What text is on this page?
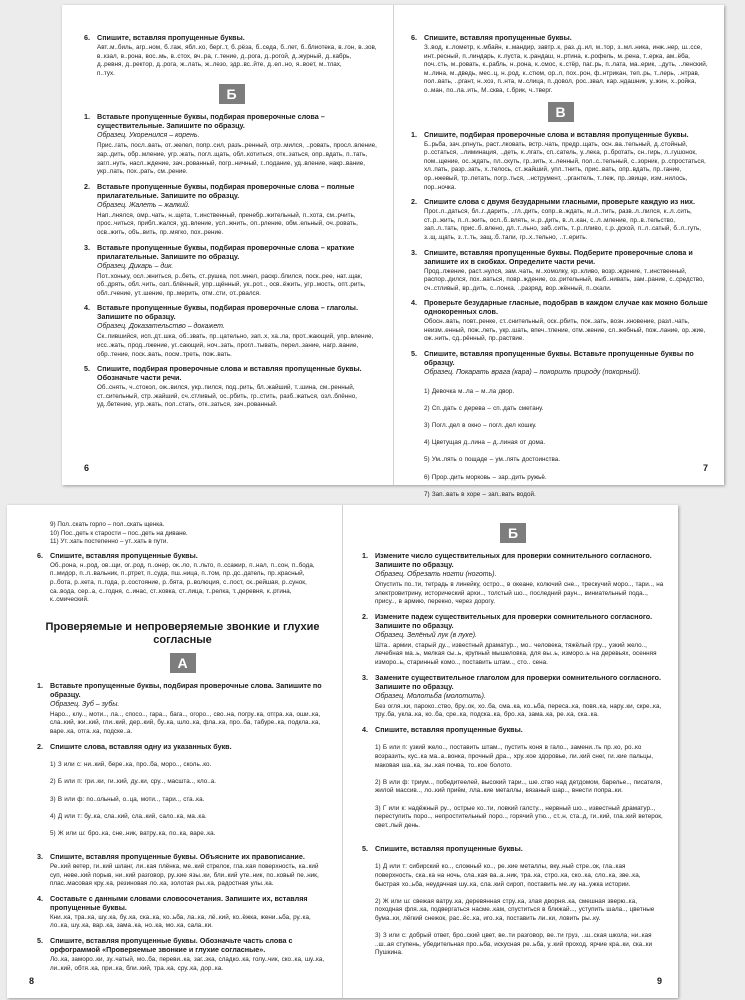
6. Спишите, вставляя пропущенные буквы.

Авт..м..биль, агр..ном, б..гаж, ябл..ко, берг..т, б..рёза, б..седа, б..лет, б..блиотека, в..гон, в..зов, в..кзал, в..рона, вос..мь, в..стох, вч..ра, г..тение, д..рога, д..рогой, д..журный, д..кабрь, д..ревня, д..ректор, д..рога, ж..лать, ж..лезо, здр..вс..йте, д..ел..но, я..воет, м..тлах,
п..тух.

Б

1. Вставьте пропущенные буквы, подбирая проверочные слова – существительные. Запишите по образцу.

Образец. Укоренился – корень.

Прис..гать, посл..вать, от..желел, попр..сил, разъ..ренный, отр..мился, ..ровать, просл..вление, зар..дить, обр..мление, угр..жать, погл..щать, обл..котиться, отк..заться, опр..вдать, п..тать, загл..нуть, насл..ждение, зач..рованный, погр..ничный, г..лодание, уд..вление, накр..вание, укр..пать, пох..рать, см..рение.

2. Вставьте пропущенные буквы, подбирая проверочные слова – полные прилагательные. Запишите по образцу.

Образец. Жалеть – жалкий.

Нап..лнялся, омр..чать, н..щета, т..инственный, пренебр..жительный, п..хота, см..рчить, прос..читься, прибл..жался, уд..вление, усл..жнить, оп..рление, обм..ельный, оч..ровать, осв..жить, объ..вить, пр..мягко, пох..рение.

3. Вставьте пропущенные буквы, подбирая проверочные слова – краткие прилагательные. Запишите по образцу.

Образец. Дикарь – дик.

Пот..хоньку, осл..жниться, р..беть, ст..рушка, пот..мнел, раскр..блился, поск..рее, нат..щак, об..дрять, обл..чить, озл..блённый, упр..щённый, ук..рот.., осв..ёжить, угр..мость, опт..рить, обл..гчение, ут..шение, пр..мерить, отм..сти, от..рвался.

4. Вставьте пропущенные буквы, подбирая проверочные слова – глаголы. Запишите по образцу.

Образец. Доказательство – докажет.

Ск..пившийся, исп..дт..шка, об..звать, пр..цательно, зап..х, ха..ла, прот..жающий, упр..вление, исс..жать, прод..лжение, уг..сающий, ноч..зать, прогл..тывать, перел..зание, нагр..вание, обр..тение, поск..вать, посм..треть, пож..вать.

5. Спишите, подбирая проверочные слова и вставляя пропущенные буквы. Обозначьте части речи.

Об..снять, ч..стокол, ож..вился, укр..пился, под..рить, бл..жайший, т..шина, см..ренный, ст..сительный, стр..жайший, сч..стливый, ос..рбить, гр..стить, разб..жаться, озл..блённо, уд..бетение, угр..жать, пол..стать, отк..заться, зач..рованный.

6

6. Спишите, вставляя пропущенные буквы.

З..вод, к..лометр, к..мбайн, к..мандир, завтр..к, раз..д..ил, м..тор, з..мл..ника, инж..нер, ш..ссе, инт..ресный, п..линдарь, к..пуста, к..рандаш, н..ртина, к..рофель, м..рена, т..ерка, ам..ёба, поч..сть, м..ровать, к..рабль, н..рона, к..смос, к..стёр, паг..рь, п..лата, ма..ерик, ..дуть, ..ленский, м..лина, м..дведь, мес..ц, н..род, к..стюм, ор..л, пох..рон, ф..нтрикан, теп..рь, т..лерь, ..нтрав, пол..вать, ..ргант, н..хоз, п..нта, м..слица, п..довол, рос..звал, кар..ндашник, у..жин, х..ройка, о..ман, по..ла..ить, М..сква, г..брик, ч..тверг.

В

1. Спишите, подбирая проверочные слова и вставляя пропущенные буквы.

Б..рьба, зач..рпнуть, раст..лковать, встр..чать, предр..щать, осн..ва..тельный, д..стойный, р..сстаться, ..лиминация, ..деть, к..лгать, сп..сатель, у..лека, р..бротать, сн..гирь, л..гушонок, пом..щение, ос..ждать, пл..скуть, гр..зить, х..ленный, пол..с..тельный, с..зорник, р..спростаться, хл..пать, разр..зать, х..телось, ст..жайший, упл..тнить, прис..вать, опр..вдать, пр..гание, ор..нжевый, тр..петать, погр..ться, ..нструмент, ..ргантель, т..пеж, пр..звище, изм..нилось, пор..ночка.

2. Спишите слова с двумя безударными гласными, проверьте каждую из них.

Прог..л..даться, бл..г..дарить, ..гл..дить, сопр..в..ждать, м..л..тить, разв..л..лился, к..л..сить, ст..р..жить, п..л..жить, осл..б..влять, н..р..дить, в..л..кан, с..л..мление, пр..в..тельство, зап..л..тать, прис..б..влено, дл..т..льно, заб..сить, т..р..пливо, г..р..дской, п..л..сатый, б..л..гуть, з..щ..щать, з..т..ть, защ..б..тали, гр..х..тельно, ..т..ерить.

3. Спишите, вставляя пропущенные буквы. Подберите проверочные слова и запишите их в скобках. Определите части речи.

Прод..лжение, раст..нулся, зам..чать, м..хомолку, кр..кливо, возр..ждение, т..инственный, распор..дился, пох..ваться, повр..ждение, оз..рительный, выб..нивать, зам..рание, с..средство, сч..стливый, вр..дить, с..лонка, ..разряд, вор..жённый, п..скали.

4. Проверьте безударные гласные, подобрав в каждом случае как можно больше однокоренных слов.

Обосн..вать, повт..ренке, ст..снительный, оск..рбить, пок..зать, возн..кновение, разл..чать, неизм..енный, пож..леть, укр..шать, впеч..тление, отм..жение, сл..жебный, пож..лание, ор..жие, ож..нить, сд..рённый, пр..раствие.

5. Спишите, вставляя пропущенные буквы. Вставьте пропущенные буквы по образцу.

Образец. Покарать врага (кара) – покорить природу (покорный).

1) Девочка м..ла – м..ла двор.

2) Сп..дать с дерева – сп..дать сметану.

3) Погл..дел в окно – погл..дел кошку.

4) Цветущая д..лина – д..линая от дома.

5) Ум..лять о пощаде – ум..лять достоинства.

6) Прор..дить морковь – зар..дить ружьё.

7) Зап..вать в хоре – зап..вать водой.

7

9) Пол..скать горло – пол..скать щенка.
10) Пос..деть к старости – пос..деть на диване.
11) Ут..хать постепенно – ут..хать в пути.

6. Спишите, вставляя пропущенные буквы.

Об..рона, н..род, ов..щи, ог..род, п..онер, ок..ло, п..льто, п..ссажир, п..нал, п..сон, п..бода, п..мидор, п..л..вальник, п..ртрет, п..суда, пш..ница, п..том, пр..дс..датель, пр..красный, р..бота, р..кета, п..года, р..состояние, р..бята, р..волюция, с..пост, ск..рейшая, р..сунок, са..вода, сер..а, с..годня, с..инас, ст..ковка, ст..лица, т..релка, т..деревня, к..ртина, к..смический.

Проверяемые и непроверяемые звонкие и глухие согласные
А

1. Вставьте пропущенные буквы, подбирая проверочные слова. Запишите по образцу.

Образец. Зуб – зубы.

Наро.., клу.., моти.., ла.., спосо.., гара.., бага.., огоро.., сво..на, погру..ка, отгра..ка, оши..ка, сла..кий, жи..кий, гли..кий, дер..кий, бу..ка, шло..ка, фла..ка, про..ба, табуре..ка, подкла..ка, варе..ка, отга..ка, подске..а.

2. Спишите слова, вставляя одну из указанных букв.

1) З или с: ни..кий, бере..ка, про..ба, моро.., сколь..ко.

2) Б или п: гри..ки, ги..кий, ду..ки, сру.., масшта.., кло..а.

3) В или ф: по..ольный, о..ца, моти.., тари.., ста..ка.

4) Д или т: бу..ка, сла..кий, сла..кий, сало..ка, ма..ка.

5) Ж или ш: бро..ка, сне..ник, ватру..ка, по..ка, варе..ка.

3. Спишите, вставляя пропущенные буквы. Объясните их правописание.

Ре..кий ветер, ги..кий шланг, ли..кая плёнка, ме..кий стрелок, гла..кая поверхность, ка..кий суп, неве..кий порыв, ни..кий разговор, ру..кие язы..ки, бли..кий уте..ник, по..ковый пе..ник, плас..масовая кру..ка, резиновая ло..ка, золотая ры..ка, радостная улы..ка.

4. Составьте с данными словами словосочетания. Запишите их, вставляя пропущенные буквы.

Кни..ка, тра..ка, шу..ка, бу..ка, ска..ка, ко..ьба, ла..ка, лё..кий, ко..ёжка, жени..ьба, ру..ка, ло..ка, шу..ка, вар..ка, зама..ка, но..ка, мо..ка, сала..ки.

5. Спишите, вставляя пропущенные буквы. Обозначьте часть слова с орфограммой «Проверяемые звонкие и глухие согласные».

Ло..ка, заморо..ки, зу..чатый, мо..ба, переви..ка, заг..зка, сладко..ка, голу..чик, ско..ка, шу..ка, ли..кий, обтя..ка, при..ка, бли..кий, тра..ка, сру..ка, дор..ка.

8
Б

1. Измените число существительных для проверки сомнительного согласного. Запишите по образцу.

Образец. Обрезать ногти (ноготь).

Опустить по..ти, тетрадь в линейку, остро.., в океане, колючий сне.., трескучий моро.., тари.., на электровитрину, исторический архи.., толстый шо.., последний раун.., виниательный пода.., прису.., в армию, перекно, через дорогу.

2. Измените падеж существительных для проверки сомнительного согласного. Запишите по образцу.

Образец. Зелёный лук (в луке).

Шта.. армии, старый ду.., известный драматур.., мо.. человека, тяжёлый гру.., узкий жело.., лечебная ма..ь, мелкая сы..ь, крупный мышеловка, для вы..ь, изморо..ь на деревьях, осенняя изморо..ь, старинный комо.., поставить штам.., сто.. сена.

3. Замените существительное глаголом для проверки сомнительного согласного. Запишите по образцу.

Образец. Молотьба (молотить).

Без огля..ки, пароко..ство, бру..ок, хо..ба, сма..ка, ко..ьба, переса..ка, повя..ка, нару..ки, скре..ка, тру..ба, укла..ка, ко..ба, сре..ка, подска..ка, бро..ка, зама..ка, ре..ка, ска..ка.

4. Спишите, вставляя пропущенные буквы.

1) Б или п: узкий жело.., поставить штам.., пустить коня в гало.., замени..ть пр..ко, ро..ко возразить, кус..ка ма..а..вонка, прочный дра.., хру..кое здоровье, ли..кий снег, ги..кие пальцы, маковая ша..ка, зы..кая почва, то..кое болото.

2) В или ф: триум.., победитеелей, высокий тари.., ше..ство над детдомом, барелье.., писателя, жилой массив.., ло..кий приём, лла..кие металлы, вязаный шар.., внести попра..ки.

3) Г или к: надёжный ру.., острые ко..ти, ловкий галсту.., нервный шо.., известный драматур.., переступить поро.., непростительный поро.., горячий утю.., ст..н, ста..д, ги..кий, гла..кий ветерок, свет..лый день.

5. Спишите, вставляя пропущенные буквы.

1) Д или т: сибирский ко.., сложный ко.., ре..кие металлы, вку..ный стре..ок, гла..кая поверхность, ска..ка на ночь, сла..кая ва..а..ник, тра..ка, стро..ка, ско..ка, сло..ка, зве..ка, быстрая хо..ьба, неудачная шу..ка, сла..кий сироп, поставить ме..ку на..ужка истории.

2) Ж или ш: свежая ватру..ка, деревянная стру..ка, злая дворня..ка, смешная зверю..ка, походная фля..ка, подвергаться насме..кам, спуститься в ближай..., уступить шала.., цветные бума..ки, лёгкий снежок, рас..ёс..ка, иго..ка, поставить ли..ки, ловить ры..ку.

3) З или с: добрый ответ, бро..ский цвет, ве..ти разговор, ве..ти груз, ..ш..ская школа, ни..кая ..ш..ая ступень, убедительная про..ьба, искусная ре..ьба, у..кий проход, ярчие кра..ки, ска..ки Пушкина.

9
